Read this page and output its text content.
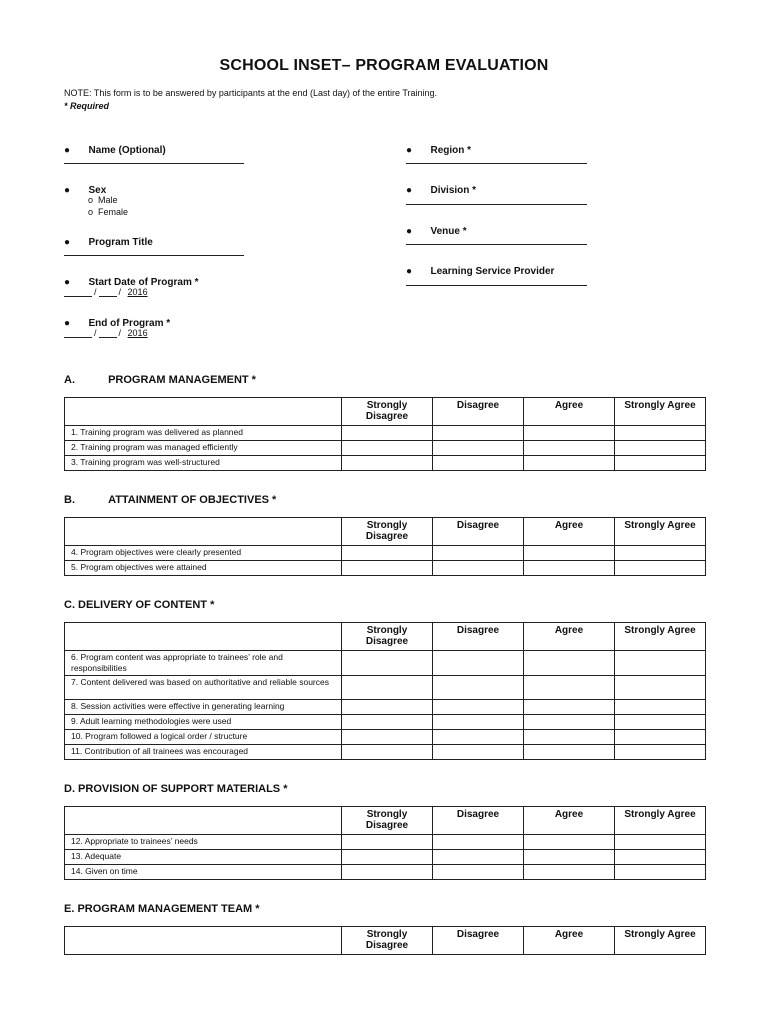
SCHOOL INSET– PROGRAM EVALUATION
NOTE: This form is to be answered by participants at the end (Last day) of the entire Training.
* Required
● Name (Optional)
● Sex
o Male
o Female
● Program Title
● Start Date of Program *
/ /
2016
● End of Program *
/ /
2016
● Region *
● Division *
● Venue *
● Learning Service Provider
A.	PROGRAM MANAGEMENT *
	Strongly Disagree	Disagree	Agree	Strongly Agree
1. Training program was delivered as planned				
2. Training program was managed efficiently				
3. Training program was well-structured				
B.	ATTAINMENT OF OBJECTIVES *
	Strongly Disagree	Disagree	Agree	Strongly Agree
4. Program objectives were clearly presented				
5. Program objectives were attained				
C. DELIVERY OF CONTENT *
	Strongly Disagree	Disagree	Agree	Strongly Agree
6. Program content was appropriate to trainees’ role and responsibilities				
7. Content delivered was based on authoritative and reliable sources				
8. Session activities were effective in generating learning				
9. Adult learning methodologies were used				
10. Program followed a logical order / structure				
11. Contribution of all trainees was encouraged				
D. PROVISION OF SUPPORT MATERIALS *
	Strongly Disagree	Disagree	Agree	Strongly Agree
12. Appropriate to trainees’ needs				
13. Adequate				
14. Given on time				
E. PROGRAM MANAGEMENT TEAM *
	Strongly Disagree	Disagree	Agree	Strongly Agree
